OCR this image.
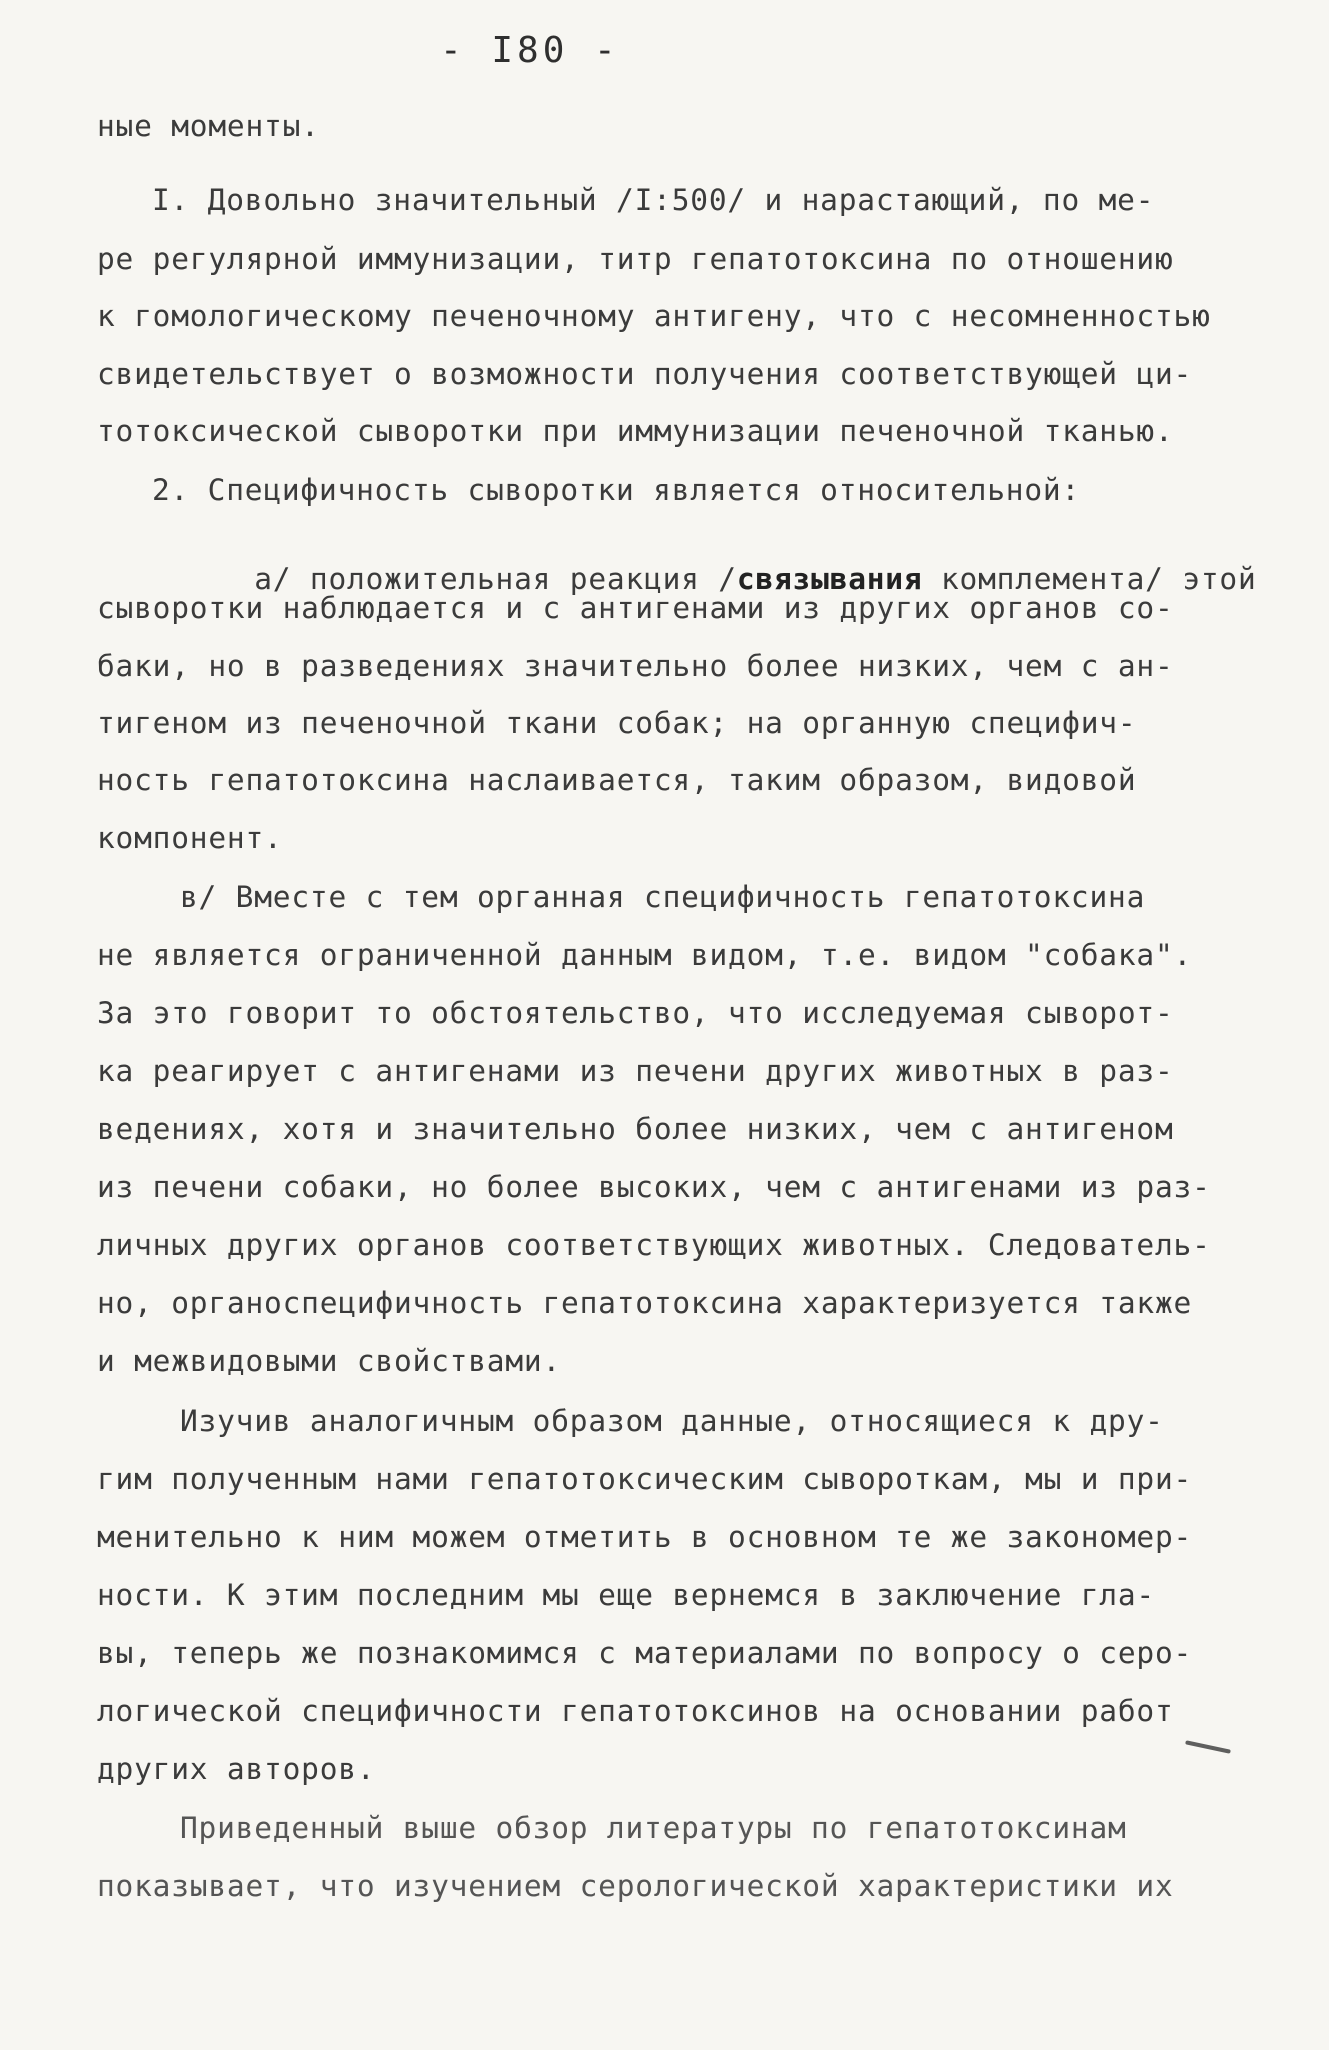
- I80 -
ные моменты.
I. Довольно значительный /I:500/ и нарастающий, по ме-
ре регулярной иммунизации, титр гепатотоксина по отношению
к гомологическому печеночному антигену, что с несомненностью
свидетельствует о возможности получения соответствующей ци-
тотоксической сыворотки при иммунизации печеночной тканью.
2. Специфичность сыворотки является относительной:

а/ положительная реакция /связывания комплемента/ этой

сыворотки наблюдается и с антигенами из других органов со-
баки, но в разведениях значительно более низких, чем с ан-
тигеном из печеночной ткани собак; на органную специфич-
ность гепатотоксина наслаивается, таким образом, видовой
компонент.
в/ Вместе с тем органная специфичность гепатотоксина
не является ограниченной данным видом, т.е. видом "собака".
За это говорит то обстоятельство, что исследуемая сыворот-
ка реагирует с антигенами из печени других животных в раз-
ведениях, хотя и значительно более низких, чем с антигеном
из печени собаки, но более высоких, чем с антигенами из раз-
личных других органов соответствующих животных. Следователь-
но, органоспецифичность гепатотоксина характеризуется также
и межвидовыми свойствами.
Изучив аналогичным образом данные, относящиеся к дру-
гим полученным нами гепатотоксическим сывороткам, мы и при-
менительно к ним можем отметить в основном те же закономер-
ности. К этим последним мы еще вернемся в заключение гла-
вы, теперь же познакомимся с материалами по вопросу о серо-
логической специфичности гепатотоксинов на основании работ
других авторов.
Приведенный выше обзор литературы по гепатотоксинам
показывает, что изучением серологической характеристики их
